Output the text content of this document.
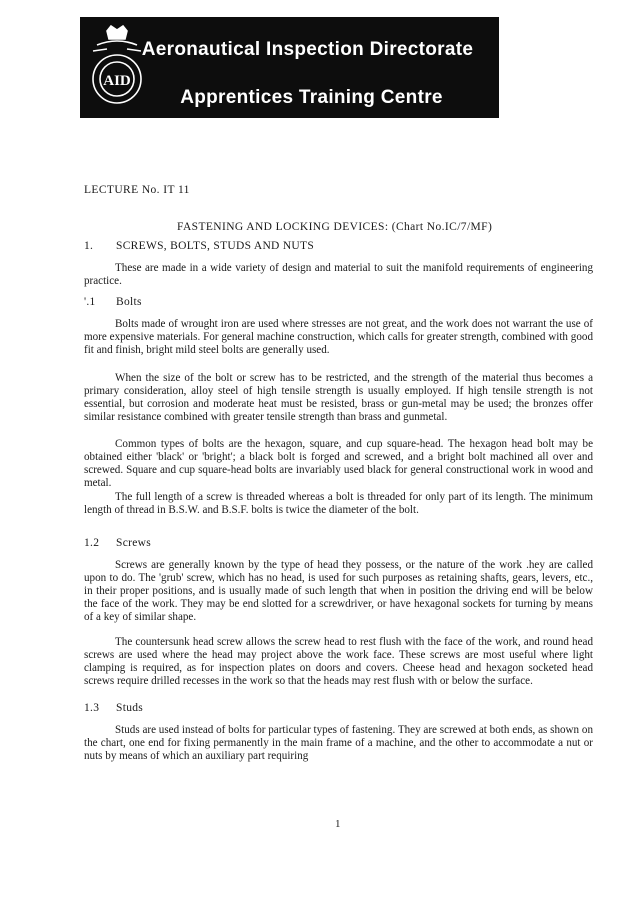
AID
Aeronautical Inspection Directorate
Apprentices Training Centre
LECTURE No. IT 11
FASTENING AND LOCKING DEVICES: (Chart No.IC/7/MF)
1. SCREWS, BOLTS, STUDS AND NUTS

These are made in a wide variety of design and material to suit the manifold requirements of engineering practice.

'.1 Bolts

Bolts made of wrought iron are used where stresses are not great, and the work does not warrant the use of more expensive materials. For general machine construction, which calls for greater strength, combined with good fit and finish, bright mild steel bolts are generally used.

When the size of the bolt or screw has to be restricted, and the strength of the material thus becomes a primary consideration, alloy steel of high tensile strength is usually employed. If high tensile strength is not essential, but corrosion and moderate heat must be resisted, brass or gun-metal may be used; the bronzes offer similar resistance combined with greater tensile strength than brass and gunmetal.

Common types of bolts are the hexagon, square, and cup square-head. The hexagon head bolt may be obtained either 'black' or 'bright'; a black bolt is forged and screwed, and a bright bolt machined all over and screwed. Square and cup square-head bolts are invariably used black for general constructional work in wood and metal.

The full length of a screw is threaded whereas a bolt is threaded for only part of its length. The minimum length of thread in B.S.W. and B.S.F. bolts is twice the diameter of the bolt.

1.2 Screws

Screws are generally known by the type of head they possess, or the nature of the work .hey are called upon to do. The 'grub' screw, which has no head, is used for such purposes as retaining shafts, gears, levers, etc., in their proper positions, and is usually made of such length that when in position the driving end will be below the face of the work. They may be end slotted for a screwdriver, or have hexagonal sockets for turning by means of a key of similar shape.

The countersunk head screw allows the screw head to rest flush with the face of the work, and round head screws are used where the head may project above the work face. These screws are most useful where light clamping is required, as for inspection plates on doors and covers. Cheese head and hexagon socketed head screws require drilled recesses in the work so that the heads may rest flush with or below the surface.

1.3 Studs

Studs are used instead of bolts for particular types of fastening. They are screwed at both ends, as shown on the chart, one end for fixing permanently in the main frame of a machine, and the other to accommodate a nut or nuts by means of which an auxiliary part requiring

1
